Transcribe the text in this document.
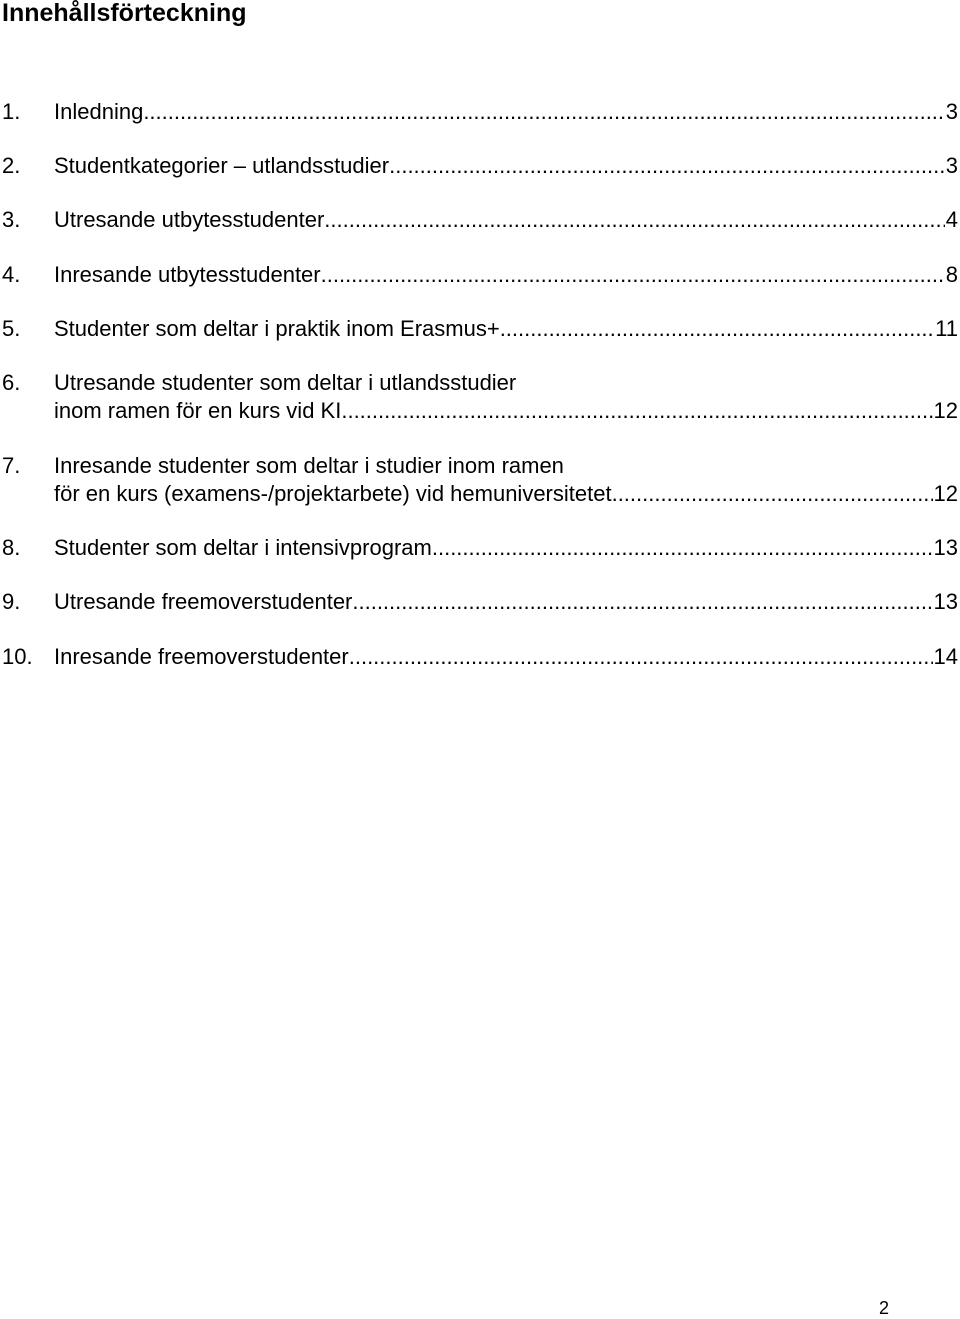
Innehållsförteckning
1. Inledning .....	3
2. Studentkategorier – utlandsstudier .....	3
3. Utresande utbytesstudenter .....	4
4. Inresande utbytesstudenter .....	8
5. Studenter som deltar i praktik inom Erasmus+ .....	11
6. Utresande studenter som deltar i utlandsstudier
inom ramen för en kurs vid KI .....	12
7. Inresande studenter som deltar i studier inom ramen
för en kurs (examens-/projektarbete) vid hemuniversitetet .....	12
8. Studenter som deltar i intensivprogram .....	13
9. Utresande freemoverstudenter .....	13
10. Inresande freemoverstudenter .....	14
2
